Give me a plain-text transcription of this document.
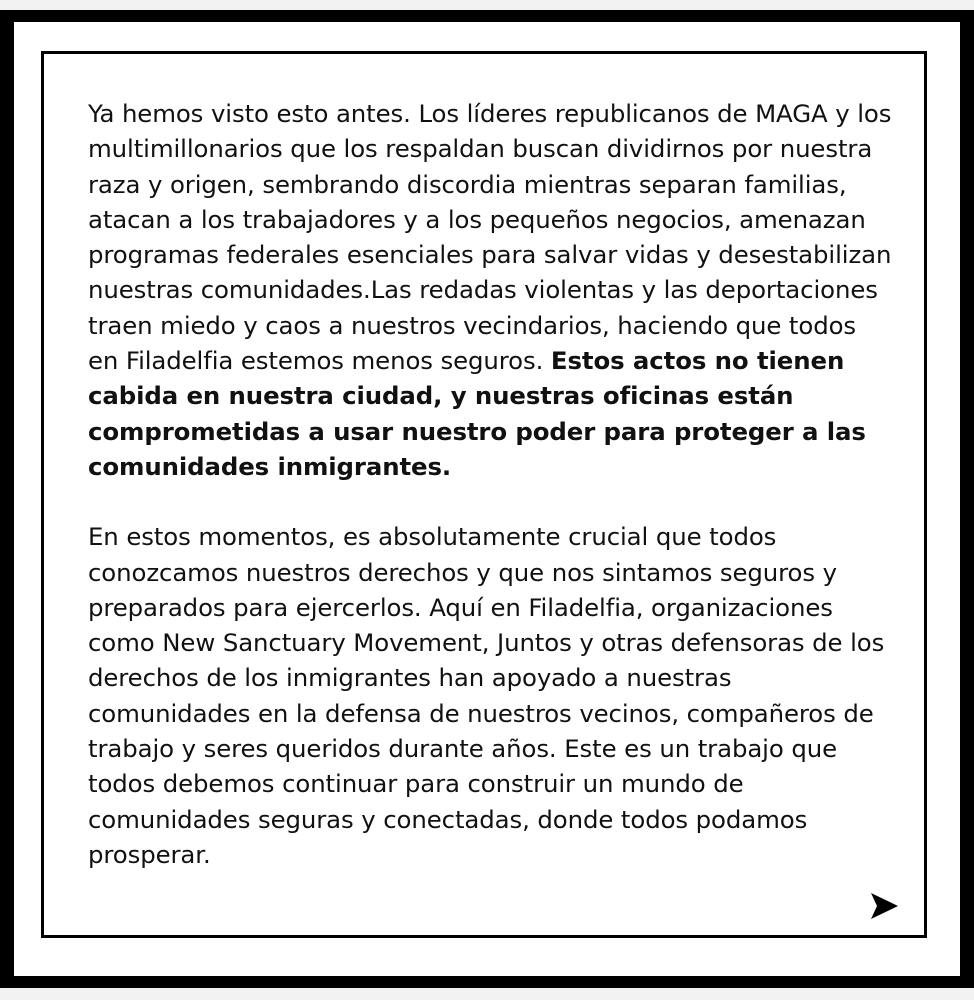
Ya hemos visto esto antes. Los líderes republicanos de MAGA y los multimillonarios que los respaldan buscan dividirnos por nuestra raza y origen, sembrando discordia mientras separan familias, atacan a los trabajadores y a los pequeños negocios, amenazan programas federales esenciales para salvar vidas y desestabilizan nuestras comunidades.Las redadas violentas y las deportaciones traen miedo y caos a nuestros vecindarios, haciendo que todos en Filadelfia estemos menos seguros. Estos actos no tienen cabida en nuestra ciudad, y nuestras oficinas están comprometidas a usar nuestro poder para proteger a las comunidades inmigrantes.

En estos momentos, es absolutamente crucial que todos conozcamos nuestros derechos y que nos sintamos seguros y preparados para ejercerlos. Aquí en Filadelfia, organizaciones como New Sanctuary Movement, Juntos y otras defensoras de los derechos de los inmigrantes han apoyado a nuestras comunidades en la defensa de nuestros vecinos, compañeros de trabajo y seres queridos durante años. Este es un trabajo que todos debemos continuar para construir un mundo de comunidades seguras y conectadas, donde todos podamos prosperar.
